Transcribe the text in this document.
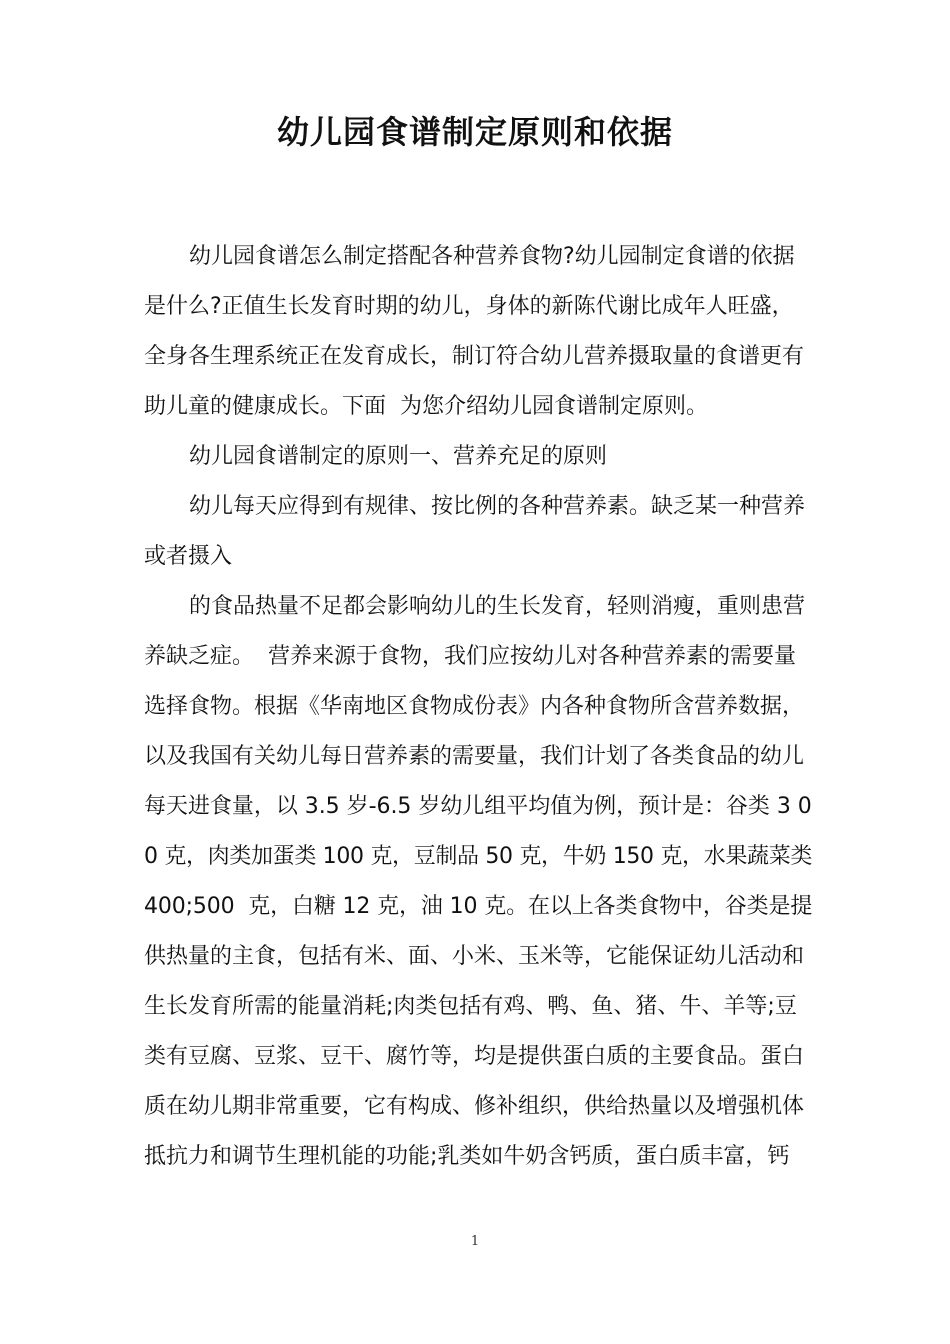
幼儿园食谱制定原则和依据
幼儿园食谱怎么制定搭配各种营养食物?幼儿园制定食谱的依据
是什么?正值生长发育时期的幼儿，身体的新陈代谢比成年人旺盛，
全身各生理系统正在发育成长，制订符合幼儿营养摄取量的食谱更有
助儿童的健康成长。下面  为您介绍幼儿园食谱制定原则。
幼儿园食谱制定的原则一、营养充足的原则
幼儿每天应得到有规律、按比例的各种营养素。缺乏某一种营养
或者摄入
的食品热量不足都会影响幼儿的生长发育，轻则消瘦，重则患营
养缺乏症。  营养来源于食物，我们应按幼儿对各种营养素的需要量
选择食物。根据《华南地区食物成份表》内各种食物所含营养数据，
以及我国有关幼儿每日营养素的需要量，我们计划了各类食品的幼儿
每天进食量，以 3.5 岁-6.5 岁幼儿组平均值为例，预计是：谷类 3 0
0 克，肉类加蛋类 100 克，豆制品 50 克，牛奶 150 克，水果蔬菜类
400;500  克，白糖 12 克，油 10 克。在以上各类食物中，谷类是提
供热量的主食，包括有米、面、小米、玉米等，它能保证幼儿活动和
生长发育所需的能量消耗;肉类包括有鸡、鸭、鱼、猪、牛、羊等;豆
类有豆腐、豆浆、豆干、腐竹等，均是提供蛋白质的主要食品。蛋白
质在幼儿期非常重要，它有构成、修补组织，供给热量以及增强机体
抵抗力和调节生理机能的功能;乳类如牛奶含钙质，蛋白质丰富，钙
1
